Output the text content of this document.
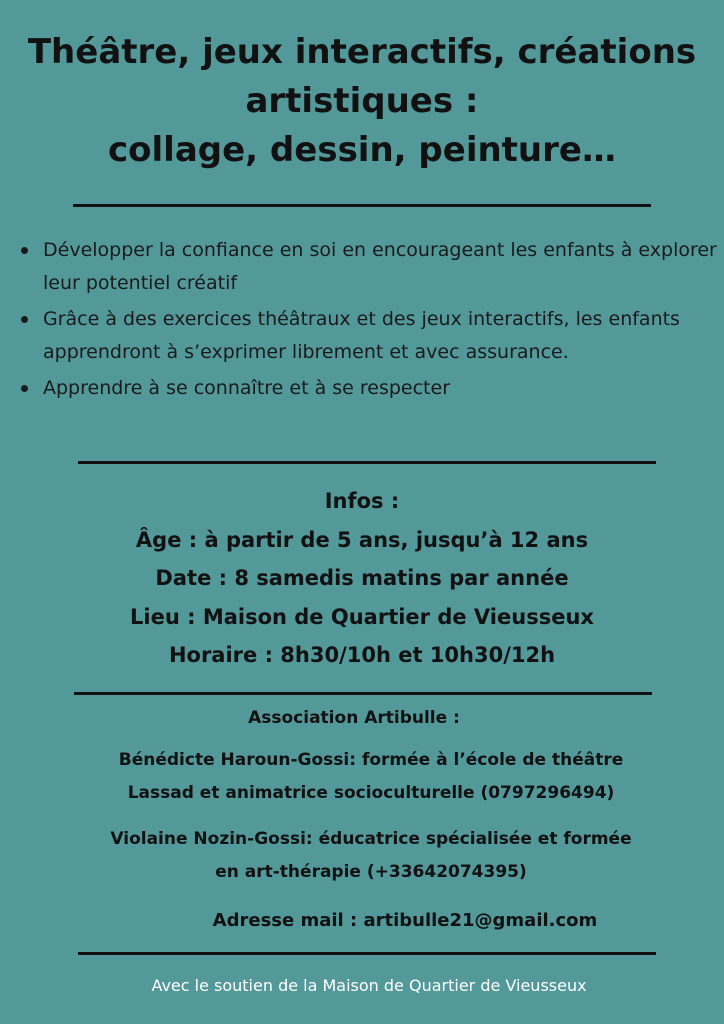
Théâtre, jeux interactifs, créations
artistiques :
collage, dessin, peinture…
Développer la confiance en soi en encourageant les enfants à explorer leur potentiel créatif
Grâce à des exercices théâtraux et des jeux interactifs, les enfants apprendront à s’exprimer librement et avec assurance.
Apprendre à se connaître et à se respecter
Infos :
Âge : à partir de 5 ans, jusqu’à 12 ans
Date : 8 samedis matins par année
Lieu : Maison de Quartier de Vieusseux
Horaire : 8h30/10h et 10h30/12h
Association Artibulle :
Bénédicte Haroun-Gossi: formée à l’école de théâtre
Lassad et animatrice socioculturelle (0797296494)
Violaine Nozin-Gossi: éducatrice spécialisée et formée
en art-thérapie (+33642074395)
Adresse mail : artibulle21@gmail.com
Avec le soutien de la Maison de Quartier de Vieusseux
